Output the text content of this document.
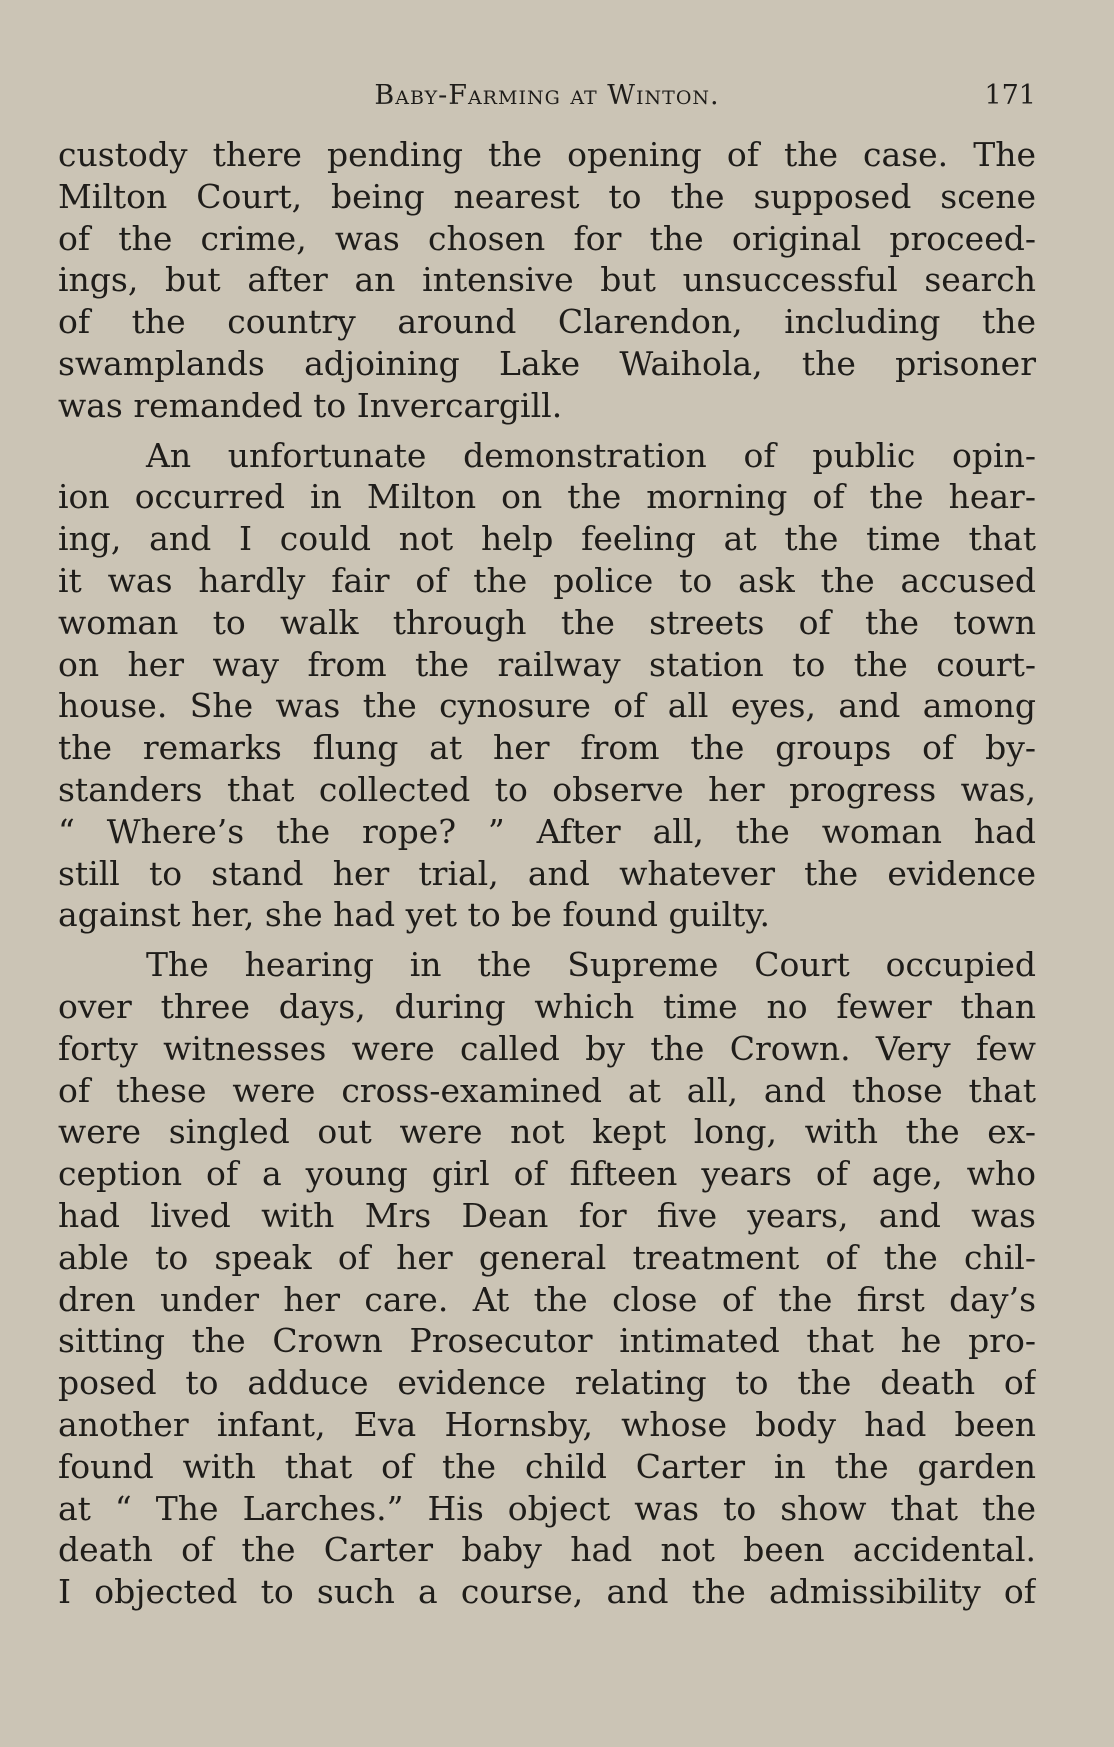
Baby-Farming at Winton.	171
custody there pending the opening of the case. The
Milton Court, being nearest to the supposed scene
of the crime, was chosen for the original proceed-
ings, but after an intensive but unsuccessful search
of the country around Clarendon, including the
swamplands adjoining Lake Waihola, the prisoner
was remanded to Invercargill.
An unfortunate demonstration of public opin-
ion occurred in Milton on the morning of the hear-
ing, and I could not help feeling at the time that
it was hardly fair of the police to ask the accused
woman to walk through the streets of the town
on her way from the railway station to the court-
house. She was the cynosure of all eyes, and among
the remarks flung at her from the groups of by-
standers that collected to observe her progress was,
“ Where’s the rope? ” After all, the woman had
still to stand her trial, and whatever the evidence
against her, she had yet to be found guilty.
The hearing in the Supreme Court occupied
over three days, during which time no fewer than
forty witnesses were called by the Crown. Very few
of these were cross-examined at all, and those that
were singled out were not kept long, with the ex-
ception of a young girl of fifteen years of age, who
had lived with Mrs Dean for five years, and was
able to speak of her general treatment of the chil-
dren under her care. At the close of the first day’s
sitting the Crown Prosecutor intimated that he pro-
posed to adduce evidence relating to the death of
another infant, Eva Hornsby, whose body had been
found with that of the child Carter in the garden
at “ The Larches.” His object was to show that the
death of the Carter baby had not been accidental.
I objected to such a course, and the admissibility of
